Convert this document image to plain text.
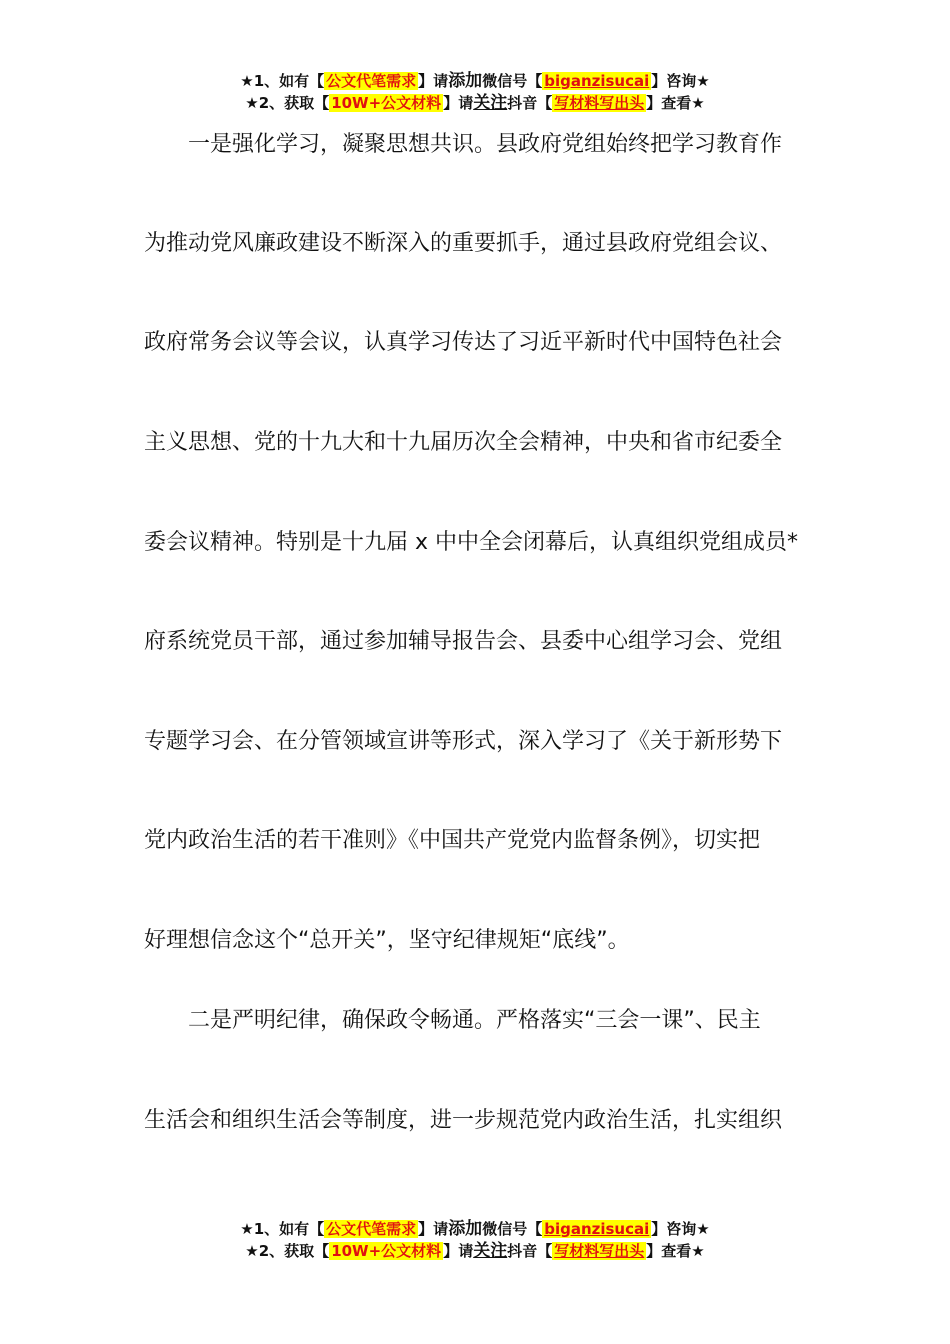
★1、如有【 公文代笔需求 】请添加微信号【 biganzisucai 】咨询★
★2、获取【 10W+公文材料 】请关注抖音【 写材料写出头 】查看★
一是强化学习，凝聚思想共识。县政府党组始终把学习教育作
为推动党风廉政建设不断深入的重要抓手，通过县政府党组会议、
政府常务会议等会议，认真学习传达了习近平新时代中国特色社会
主义思想、党的十九大和十九届历次全会精神，中央和省市纪委全
委会议精神。特别是十九届 x 中中全会闭幕后，认真组织党组成员*
府系统党员干部，通过参加辅导报告会、县委中心组学习会、党组
专题学习会、在分管领域宣讲等形式，深入学习了《关于新形势下
党内政治生活的若干准则》《中国共产党党内监督条例》，切实把
好理想信念这个“总开关”，坚守纪律规矩“底线”。
二是严明纪律，确保政令畅通。严格落实“三会一课”、民主
生活会和组织生活会等制度，进一步规范党内政治生活，扎实组织
★1、如有【 公文代笔需求 】请添加微信号【 biganzisucai 】咨询★
★2、获取【 10W+公文材料 】请关注抖音【 写材料写出头 】查看★
